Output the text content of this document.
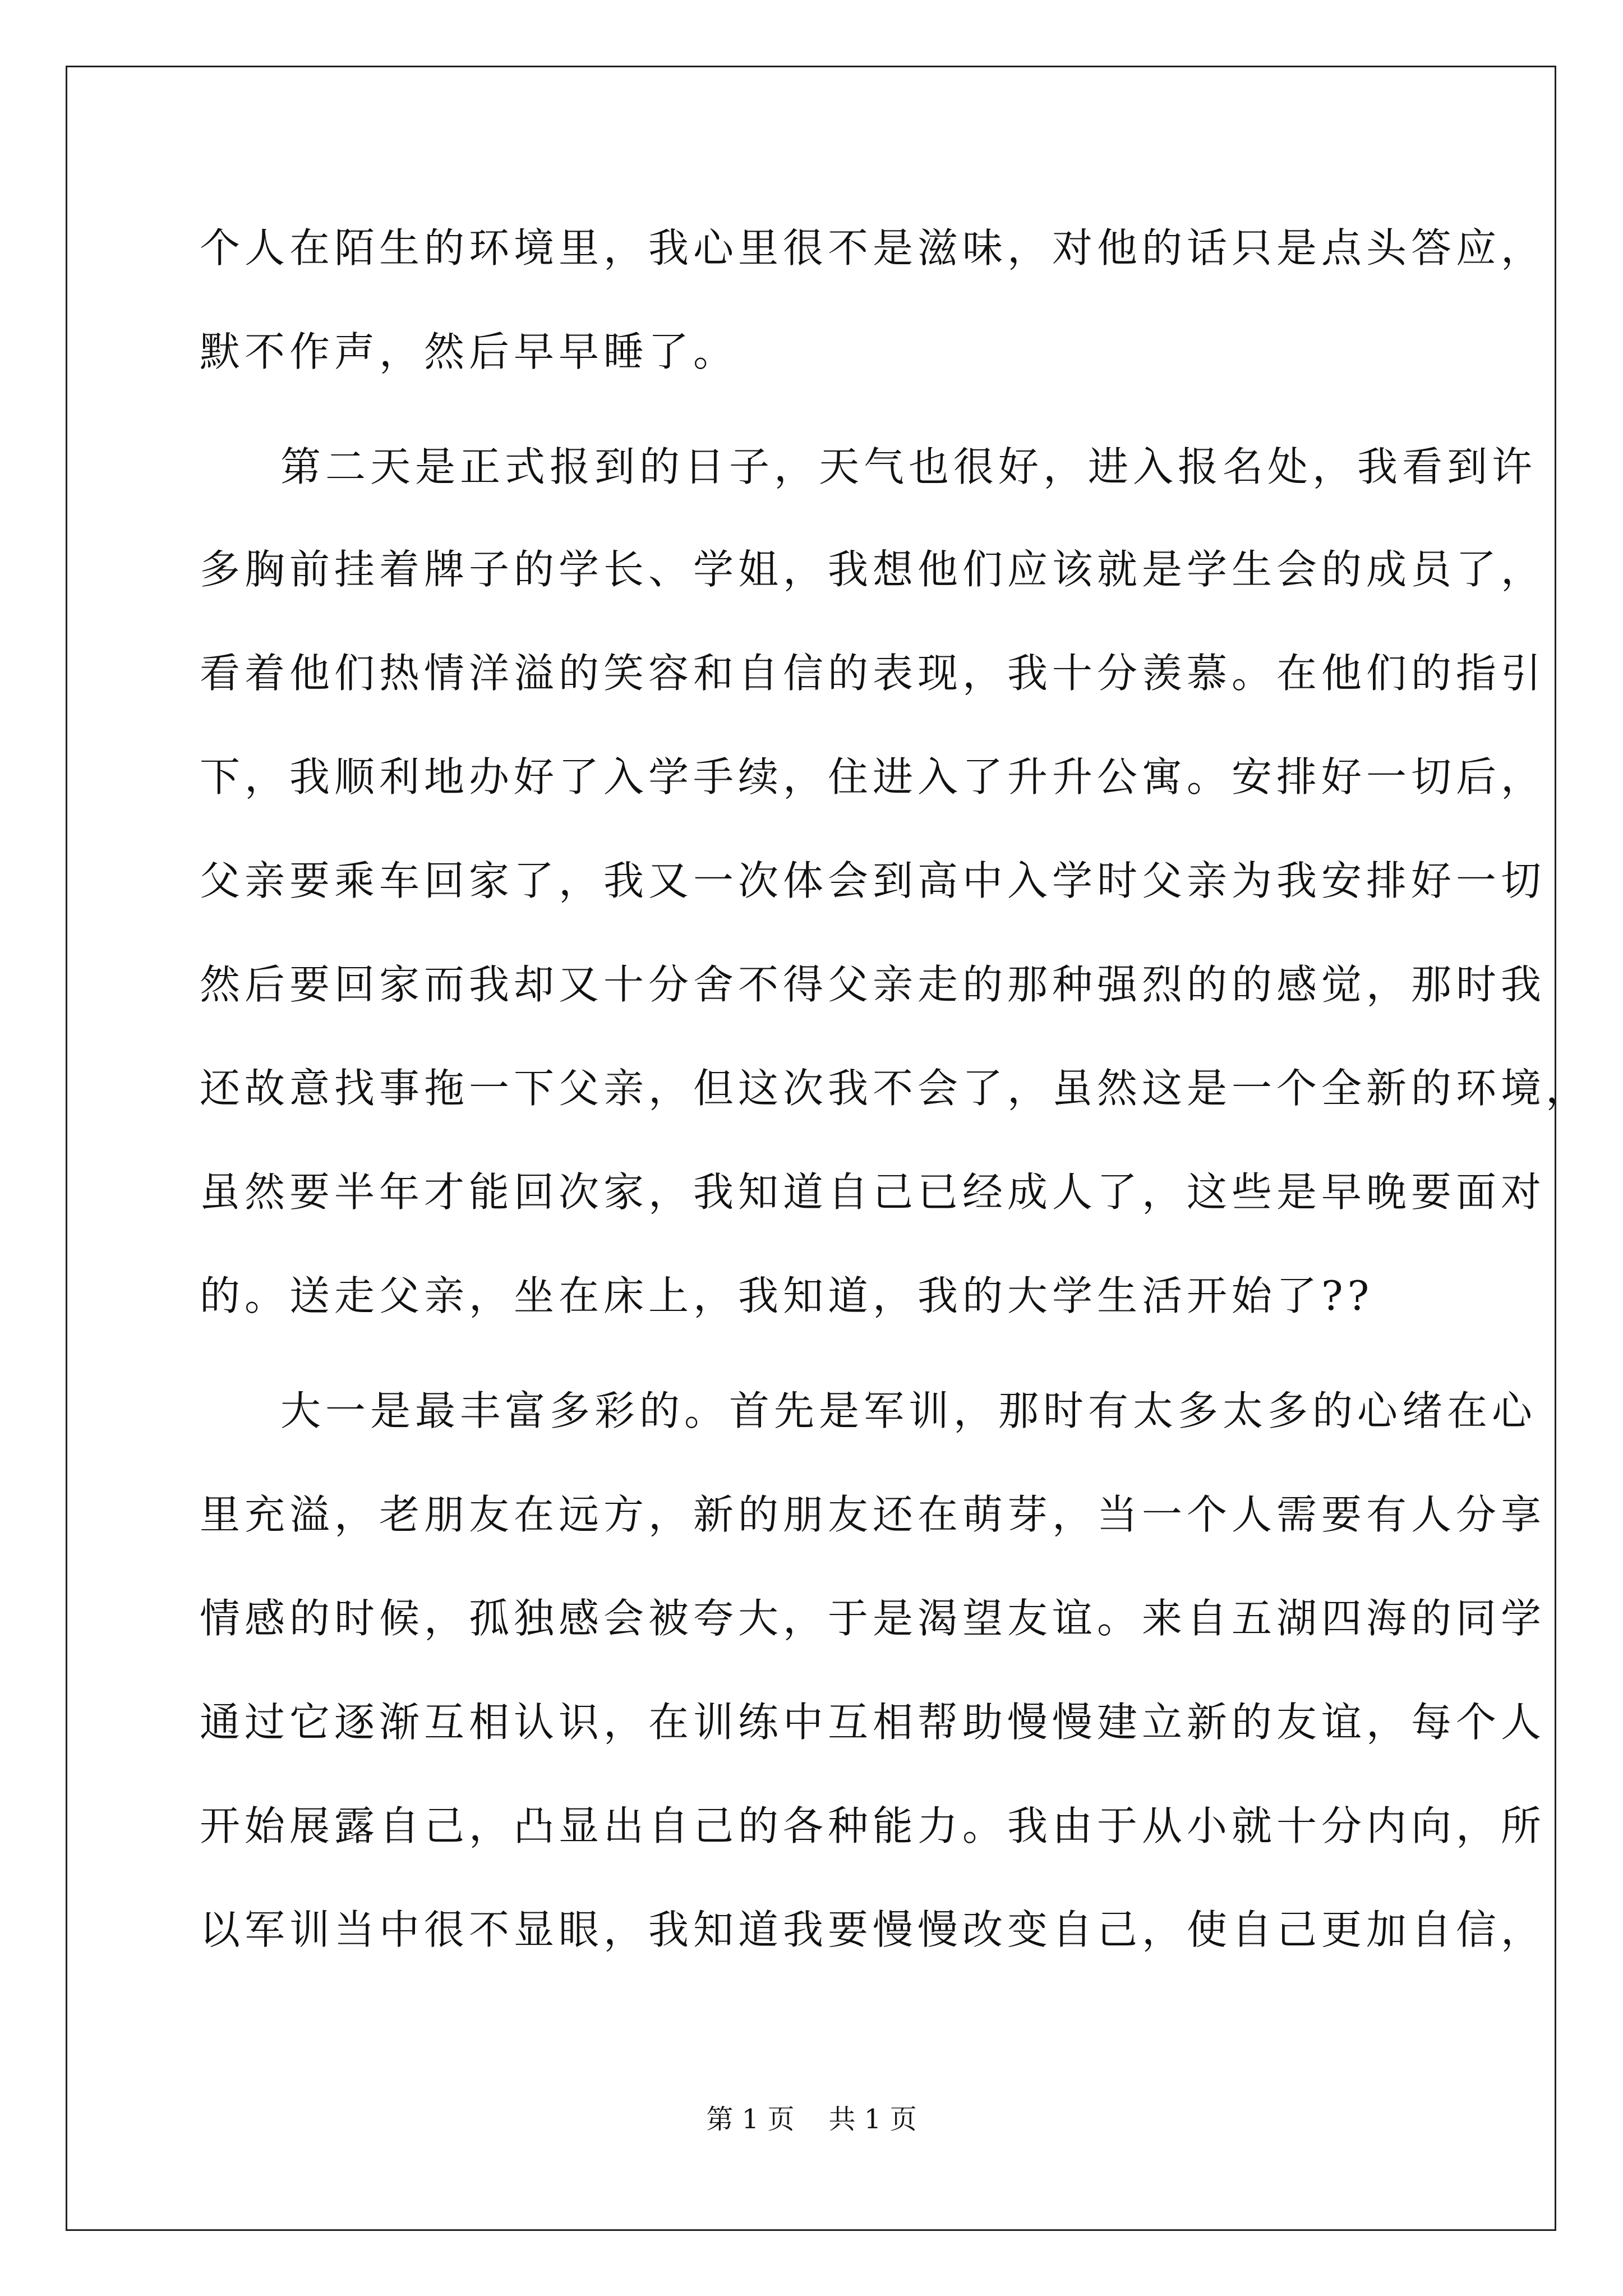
个人在陌生的环境里，我心里很不是滋味，对他的话只是点头答应，
默不作声，然后早早睡了。
第二天是正式报到的日子，天气也很好，进入报名处，我看到许
多胸前挂着牌子的学长、学姐，我想他们应该就是学生会的成员了，
看着他们热情洋溢的笑容和自信的表现，我十分羡慕。在他们的指引
下，我顺利地办好了入学手续，住进入了升升公寓。安排好一切后，
父亲要乘车回家了，我又一次体会到高中入学时父亲为我安排好一切
然后要回家而我却又十分舍不得父亲走的那种强烈的的感觉，那时我
还故意找事拖一下父亲，但这次我不会了，虽然这是一个全新的环境，
虽然要半年才能回次家，我知道自己已经成人了，这些是早晚要面对
的。送走父亲，坐在床上，我知道，我的大学生活开始了??
大一是最丰富多彩的。首先是军训，那时有太多太多的心绪在心
里充溢，老朋友在远方，新的朋友还在萌芽，当一个人需要有人分享
情感的时候，孤独感会被夸大，于是渴望友谊。来自五湖四海的同学
通过它逐渐互相认识，在训练中互相帮助慢慢建立新的友谊，每个人
开始展露自己，凸显出自己的各种能力。我由于从小就十分内向，所
以军训当中很不显眼，我知道我要慢慢改变自己，使自己更加自信，
第 1 页    共 1 页
